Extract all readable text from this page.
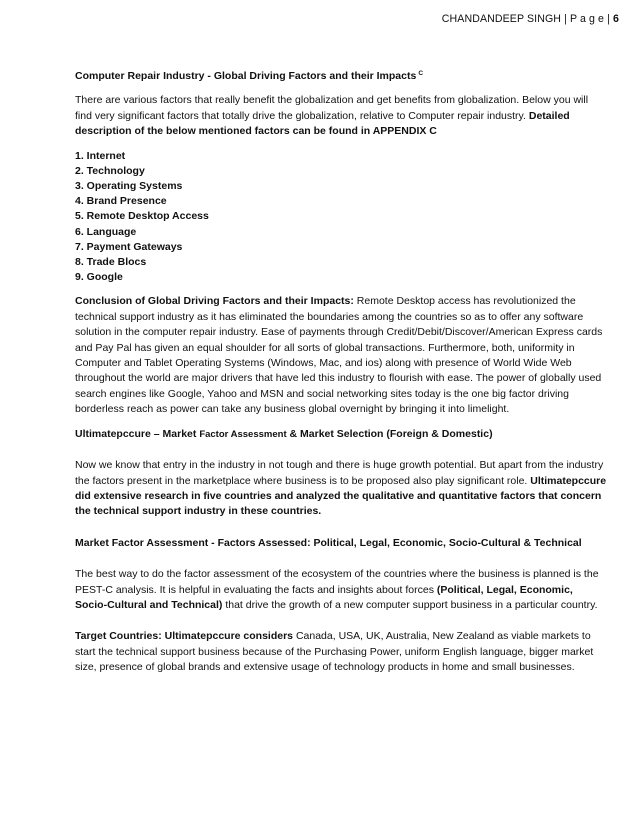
CHANDANDEEP SINGH | P a g e | 6

Computer Repair Industry - Global Driving Factors and their Impacts $^C$

There are various factors that really benefit the globalization and get benefits from globalization. Below you will find very significant factors that totally drive the globalization, relative to Computer repair industry. Detailed description of the below mentioned factors can be found in APPENDIX C

1. Internet
2. Technology
3. Operating Systems
4. Brand Presence
5. Remote Desktop Access
6. Language
7. Payment Gateways
8. Trade Blocs
9. Google

Conclusion of Global Driving Factors and their Impacts: Remote Desktop access has revolutionized the technical support industry as it has eliminated the boundaries among the countries so as to offer any software solution in the computer repair industry. Ease of payments through Credit/Debit/Discover/American Express cards and Pay Pal has given an equal shoulder for all sorts of global transactions. Furthermore, both, uniformity in Computer and Tablet Operating Systems (Windows, Mac, and ios) along with presence of World Wide Web throughout the world are major drivers that have led this industry to flourish with ease. The power of globally used search engines like Google, Yahoo and MSN and social networking sites today is the one big factor driving borderless reach as power can take any business global overnight by bringing it into limelight.

Ultimatepccure – Market Factor Assessment & Market Selection (Foreign & Domestic)

Now we know that entry in the industry in not tough and there is huge growth potential. But apart from the industry the factors present in the marketplace where business is to be proposed also play significant role. Ultimatepccure did extensive research in five countries and analyzed the qualitative and quantitative factors that concern the technical support industry in these countries.

Market Factor Assessment - Factors Assessed: Political, Legal, Economic, Socio-Cultural & Technical

The best way to do the factor assessment of the ecosystem of the countries where the business is planned is the PEST-C analysis. It is helpful in evaluating the facts and insights about forces (Political, Legal, Economic, Socio-Cultural and Technical) that drive the growth of a new computer support business in a particular country.

Target Countries: Ultimatepccure considers Canada, USA, UK, Australia, New Zealand as viable markets to start the technical support business because of the Purchasing Power, uniform English language, bigger market size, presence of global brands and extensive usage of technology products in home and small businesses.
